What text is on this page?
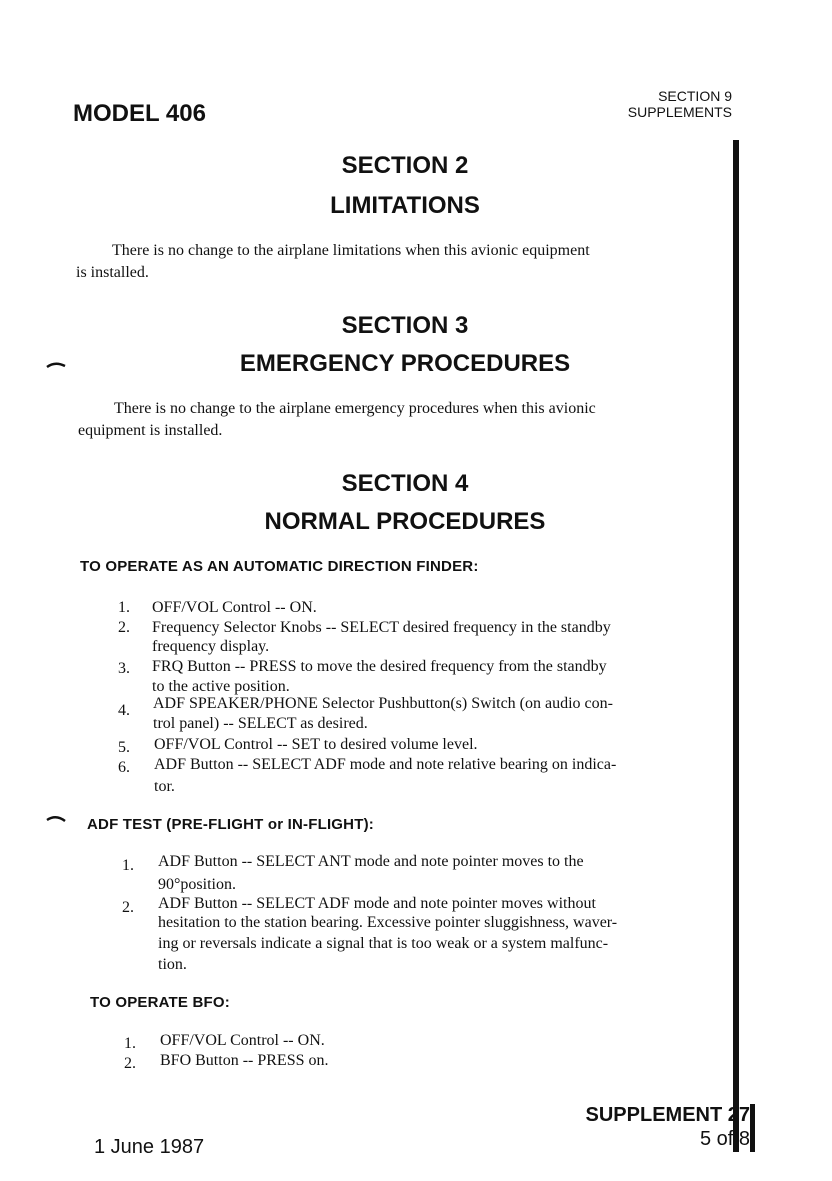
MODEL 406
SECTION 9
SUPPLEMENTS
SECTION 2
LIMITATIONS
There is no change to the airplane limitations when this avionic equipment
is installed.
SECTION 3
EMERGENCY PROCEDURES
There is no change to the airplane emergency procedures when this avionic
equipment is installed.
SECTION 4
NORMAL PROCEDURES
TO OPERATE AS AN AUTOMATIC DIRECTION FINDER:
1. OFF/VOL Control -- ON.
2. Frequency Selector Knobs -- SELECT desired frequency in the standby
frequency display.
3. FRQ Button -- PRESS to move the desired frequency from the standby
to the active position.
4. ADF SPEAKER/PHONE Selector Pushbutton(s) Switch (on audio con-
trol panel) -- SELECT as desired.
5. OFF/VOL Control -- SET to desired volume level.
6. ADF Button -- SELECT ADF mode and note relative bearing on indica-
tor.
ADF TEST (PRE-FLIGHT or IN-FLIGHT):
1. ADF Button -- SELECT ANT mode and note pointer moves to the
90°position.
2. ADF Button -- SELECT ADF mode and note pointer moves without
hesitation to the station bearing. Excessive pointer sluggishness, waver-
ing or reversals indicate a signal that is too weak or a system malfunc-
tion.
TO OPERATE BFO:
1. OFF/VOL Control -- ON.
2. BFO Button -- PRESS on.
SUPPLEMENT 27
5 of 8
1 June 1987
